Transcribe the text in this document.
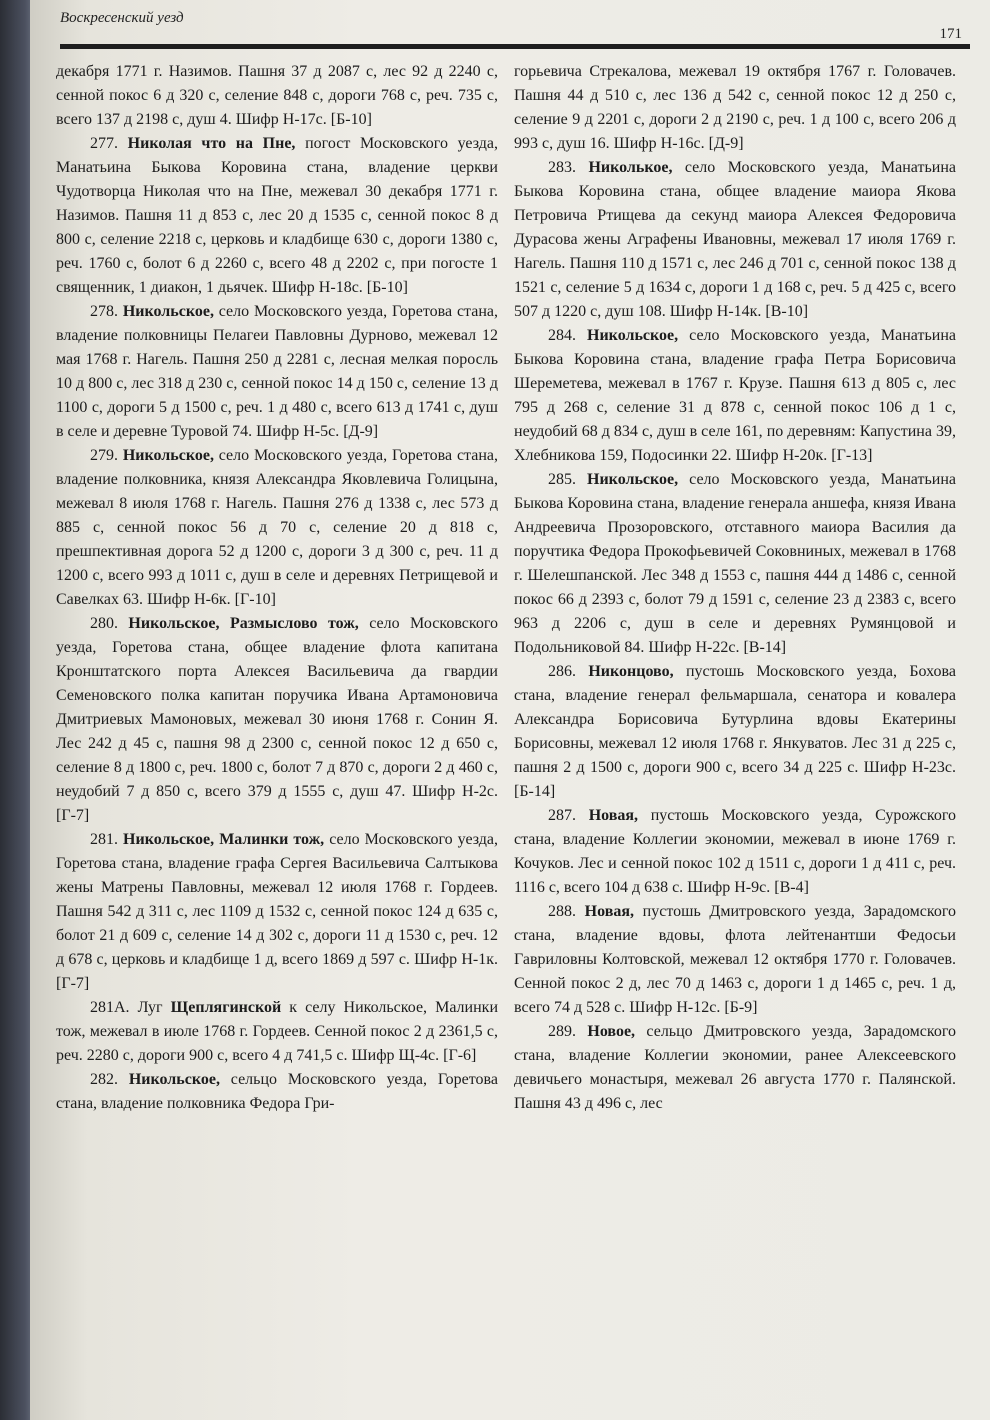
Воскресенский уезд
171

декабря 1771 г. Назимов. Пашня 37 д 2087 с, лес 92 д 2240 с, сенной покос 6 д 320 с, селение 848 с, дороги 768 с, реч. 735 с, всего 137 д 2198 с, душ 4. Шифр Н-17с. [Б-10]

277. Николая что на Пне, погост Московского уезда, Манатьина Быкова Коровина стана, владение церкви Чудотворца Николая что на Пне, межевал 30 декабря 1771 г. Назимов. Пашня 11 д 853 с, лес 20 д 1535 с, сенной покос 8 д 800 с, селение 2218 с, церковь и кладбище 630 с, дороги 1380 с, реч. 1760 с, болот 6 д 2260 с, всего 48 д 2202 с, при погосте 1 священник, 1 диакон, 1 дьячек. Шифр Н-18с. [Б-10]

278. Никольское, село Московского уезда, Горетова стана, владение полковницы Пелагеи Павловны Дурново, межевал 12 мая 1768 г. Нагель. Пашня 250 д 2281 с, лесная мелкая поросль 10 д 800 с, лес 318 д 230 с, сенной покос 14 д 150 с, селение 13 д 1100 с, дороги 5 д 1500 с, реч. 1 д 480 с, всего 613 д 1741 с, душ в селе и деревне Туровой 74. Шифр Н-5с. [Д-9]

279. Никольское, село Московского уезда, Горетова стана, владение полковника, князя Александра Яковлевича Голицына, межевал 8 июля 1768 г. Нагель. Пашня 276 д 1338 с, лес 573 д 885 с, сенной покос 56 д 70 с, селение 20 д 818 с, прешпективная дорога 52 д 1200 с, дороги 3 д 300 с, реч. 11 д 1200 с, всего 993 д 1011 с, душ в селе и деревнях Петрищевой и Савелках 63. Шифр Н-6к. [Г-10]

280. Никольское, Размыслово тож, село Московского уезда, Горетова стана, общее владение флота капитана Кронштатского порта Алексея Васильевича да гвардии Семеновского полка капитан поручика Ивана Артамоновича Дмитриевых Мамоновых, межевал 30 июня 1768 г. Сонин Я. Лес 242 д 45 с, пашня 98 д 2300 с, сенной покос 12 д 650 с, селение 8 д 1800 с, реч. 1800 с, болот 7 д 870 с, дороги 2 д 460 с, неудобий 7 д 850 с, всего 379 д 1555 с, душ 47. Шифр Н-2с. [Г-7]

281. Никольское, Малинки тож, село Московского уезда, Горетова стана, владение графа Сергея Васильевича Салтыкова жены Матрены Павловны, межевал 12 июля 1768 г. Гордеев. Пашня 542 д 311 с, лес 1109 д 1532 с, сенной покос 124 д 635 с, болот 21 д 609 с, селение 14 д 302 с, дороги 11 д 1530 с, реч. 12 д 678 с, церковь и кладбище 1 д, всего 1869 д 597 с. Шифр Н-1к. [Г-7]

281А. Луг Щеплягинской к селу Никольское, Малинки тож, межевал в июле 1768 г. Гордеев. Сенной покос 2 д 2361,5 с, реч. 2280 с, дороги 900 с, всего 4 д 741,5 с. Шифр Щ-4с. [Г-6]

282. Никольское, сельцо Московского уезда, Горетова стана, владение полковника Федора Гри-

горьевича Стрекалова, межевал 19 октября 1767 г. Головачев. Пашня 44 д 510 с, лес 136 д 542 с, сенной покос 12 д 250 с, селение 9 д 2201 с, дороги 2 д 2190 с, реч. 1 д 100 с, всего 206 д 993 с, душ 16. Шифр Н-16с. [Д-9]

283. Николькое, село Московского уезда, Манатьина Быкова Коровина стана, общее владение маиора Якова Петровича Ртищева да секунд маиора Алексея Федоровича Дурасова жены Аграфены Ивановны, межевал 17 июля 1769 г. Нагель. Пашня 110 д 1571 с, лес 246 д 701 с, сенной покос 138 д 1521 с, селение 5 д 1634 с, дороги 1 д 168 с, реч. 5 д 425 с, всего 507 д 1220 с, душ 108. Шифр Н-14к. [В-10]

284. Никольское, село Московского уезда, Манатьина Быкова Коровина стана, владение графа Петра Борисовича Шереметева, межевал в 1767 г. Крузе. Пашня 613 д 805 с, лес 795 д 268 с, селение 31 д 878 с, сенной покос 106 д 1 с, неудобий 68 д 834 с, душ в селе 161, по деревням: Капустина 39, Хлебникова 159, Подосинки 22. Шифр Н-20к. [Г-13]

285. Никольское, село Московского уезда, Манатьина Быкова Коровина стана, владение генерала аншефа, князя Ивана Андреевича Прозоровского, отставного маиора Василия да поручтика Федора Прокофьевичей Соковниных, межевал в 1768 г. Шелешпанской. Лес 348 д 1553 с, пашня 444 д 1486 с, сенной покос 66 д 2393 с, болот 79 д 1591 с, селение 23 д 2383 с, всего 963 д 2206 с, душ в селе и деревнях Румянцовой и Подольниковой 84. Шифр Н-22с. [В-14]

286. Никонцово, пустошь Московского уезда, Бохова стана, владение генерал фельмаршала, сенатора и ковалера Александра Борисовича Бутурлина вдовы Екатерины Борисовны, межевал 12 июля 1768 г. Янкуватов. Лес 31 д 225 с, пашня 2 д 1500 с, дороги 900 с, всего 34 д 225 с. Шифр Н-23с. [Б-14]

287. Новая, пустошь Московского уезда, Сурожского стана, владение Коллегии экономии, межевал в июне 1769 г. Кочуков. Лес и сенной покос 102 д 1511 с, дороги 1 д 411 с, реч. 1116 с, всего 104 д 638 с. Шифр Н-9с. [В-4]

288. Новая, пустошь Дмитровского уезда, Зарадомского стана, владение вдовы, флота лейтенантши Федосьи Гавриловны Колтовской, межевал 12 октября 1770 г. Головачев. Сенной покос 2 д, лес 70 д 1463 с, дороги 1 д 1465 с, реч. 1 д, всего 74 д 528 с. Шифр Н-12с. [Б-9]

289. Новое, сельцо Дмитровского уезда, Зарадомского стана, владение Коллегии экономии, ранее Алексеевского девичьего монастыря, межевал 26 августа 1770 г. Палянской. Пашня 43 д 496 с, лес
